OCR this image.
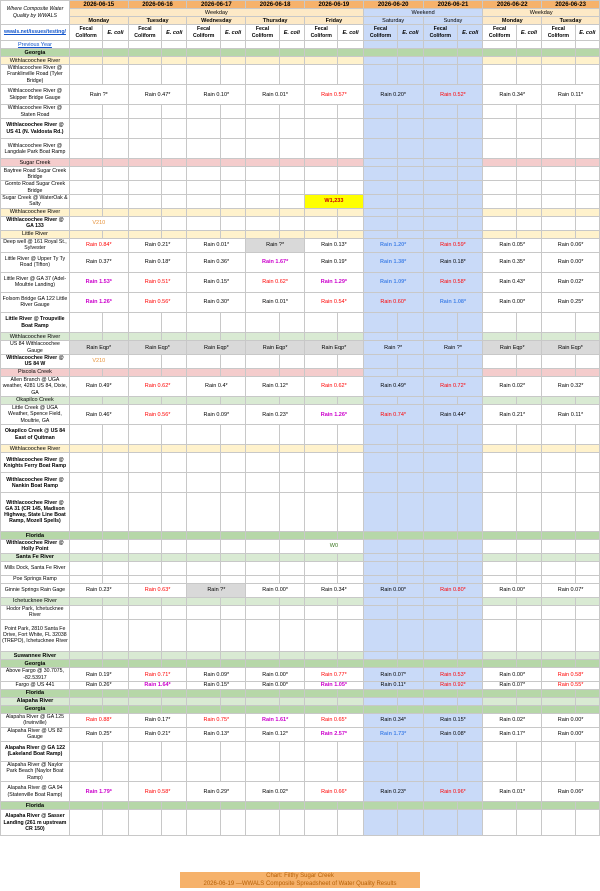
Where Composite Water Quality by WWALS	2026-06-15		2026-06-16		2026-06-17		2026-06-18		2026-06-19		2026-06-20		2026-06-21		2026-06-22		2026-06-23	
	Weekday										Weekend				Weekday			
	Monday		Tuesday		Wednesday		Thursday		Friday		Saturday		Sunday		Monday		Tuesday	
wwals.net/issues/testing/	Fecal Coliform	E. coli	Fecal Coliform	E. coli	Fecal Coliform	E. coli	Fecal Coliform	E. coli	Fecal Coliform	E. coli	Fecal Coliform	E. coli	Fecal Coliform	E. coli	Fecal Coliform	E. coli	Fecal Coliform	E. coli
Previous Year																		
Georgia																		
Withlacoochee River																		
Withlacoochee River @ Franklinville Road (Tyler Bridge)																		
Withlacoochee River @ Skipper Bridge Gauge	Rain ?*		Rain 0.47*		Rain 0.10*		Rain 0.01*		Rain 0.57*		Rain 0.20*		Rain 0.52*		Rain 0.34*		Rain 0.11*	
Withlacoochee River @ Staten Road																		
Withlacoochee River @ US 41 (N. Valdosta Rd.)																		
Withlacoochee River @ Langdale Park Boat Ramp																		
Sugar Creek																		
Baytree Road Sugar Creek Bridge																		
Gornto Road Sugar Creek Bridge																		
Sugar Creek @ WaterOak & Salty									W1,233									
Withlacoochee River																		
Withlacoochee River @ GA 133	V210																	
Little River																		
Deep well @ 161 Royal St., Sylvester	Rain 0.84*		Rain 0.21*		Rain 0.01*		Rain ?*		Rain 0.13*		Rain 1.20*		Rain 0.59*		Rain 0.05*		Rain 0.06*	
Little River @ Upper Ty Ty Road (Tifton)	Rain 0.37*		Rain 0.18*		Rain 0.36*		Rain 1.67*		Rain 0.19*		Rain 1.38*		Rain 0.18*		Rain 0.35*		Rain 0.00*	
Little River @ GA 37 (Adel-Moultrie Landing)	Rain 1.53*		Rain 0.51*		Rain 0.15*		Rain 0.62*		Rain 1.29*		Rain 1.09*		Rain 0.58*		Rain 0.43*		Rain 0.02*	
Folsom Bridge GA 122 Little River Gauge	Rain 1.26*		Rain 0.56*		Rain 0.30*		Rain 0.01*		Rain 0.54*		Rain 0.60*		Rain 1.08*		Rain 0.00*		Rain 0.25*	
Little River @ Troupville Boat Ramp																		
Withlacoochee River																		
US 84 Withlacoochee Gauge	Rain Eqp*		Rain Eqp*		Rain Eqp*		Rain Eqp*		Rain Eqp*		Rain ?*		Rain ?*		Rain Eqp*		Rain Eqp*	
Withlacoochee River @ US 84 W	V210																	
Piscola Creek																		
Allen Branch @ UGA weather, 4281 US 84, Dixie, GA	Rain 0.49*		Rain 0.62*		Rain 0.4*		Rain 0.12*		Rain 0.62*		Rain 0.49*		Rain 0.72*		Rain 0.02*		Rain 0.32*	
Okapilco Creek																		
Little Creek @ UGA Weather, Spence Field, Moultrie, GA	Rain 0.46*		Rain 0.56*		Rain 0.09*		Rain 0.23*		Rain 1.26*		Rain 0.74*		Rain 0.44*		Rain 0.21*		Rain 0.11*	
Okapilco Creek @ US 84 East of Quitman																		
Withlacoochee River																		
Withlacoochee River @ Knights Ferry Boat Ramp																		
Withlacoochee River @ Nankin Boat Ramp																		
Withlacoochee River @ GA 31 (CR 145, Madison Highway, State Line Boat Ramp, Mozell Spells)																		
Florida																		
Withlacoochee River @ Holly Point									W0									
Santa Fe River																		
Mills Dock, Santa Fe River																		
Poe Springs Ramp																		
Ginnie Springs Rain Gage	Rain 0.23*		Rain 0.63*		Rain ?*		Rain 0.00*		Rain 0.34*		Rain 0.00*		Rain 0.80*		Rain 0.00*		Rain 0.07*	
Ichetucknee River																		
Hodor Park, Ichetucknee River																		
Point Park, 2810 Santa Fe Drive, Fort White, FL 32038 (TREPO), Ichetucknee River																		
Suwannee River																		
Georgia																		
Above Fargo @ 30.7075, -82.53917	Rain 0.19*		Rain 0.71*		Rain 0.09*		Rain 0.00*		Rain 0.77*		Rain 0.07*		Rain 0.53*		Rain 0.00*		Rain 0.58*	
Fargo @ US 441	Rain 0.26*		Rain 1.64*		Rain 0.15*		Rain 0.00*		Rain 1.05*		Rain 0.11*		Rain 0.92*		Rain 0.07*		Rain 0.55*	
Florida																		
Alapaha River																		
Georgia																		
Alapaha River @ GA 125 (Irwinville)	Rain 0.88*		Rain 0.17*		Rain 0.75*		Rain 1.61*		Rain 0.65*		Rain 0.34*		Rain 0.15*		Rain 0.02*		Rain 0.00*	
Alapaha River @ US 82 Gauge	Rain 0.25*		Rain 0.21*		Rain 0.13*		Rain 0.12*		Rain 2.57*		Rain 1.73*		Rain 0.08*		Rain 0.17*		Rain 0.00*	
Alapaha River @ GA 122 (Lakeland Boat Ramp)																		
Alapaha River @ Naylor Park Beach (Naylor Boat Ramp)																		
Alapaha River @ GA 94 (Statenville Boat Ramp)	Rain 1.79*		Rain 0.58*		Rain 0.29*		Rain 0.02*		Rain 0.66*		Rain 0.23*		Rain 0.96*		Rain 0.01*		Rain 0.06*	
Florida																		
Alapaha River @ Sasser Landing (261 m upstream CR 150)																		
Chart: Filthy Sugar Creek
2026-06-19 —WWALS Composite Spreadsheet of Water Quality Results
